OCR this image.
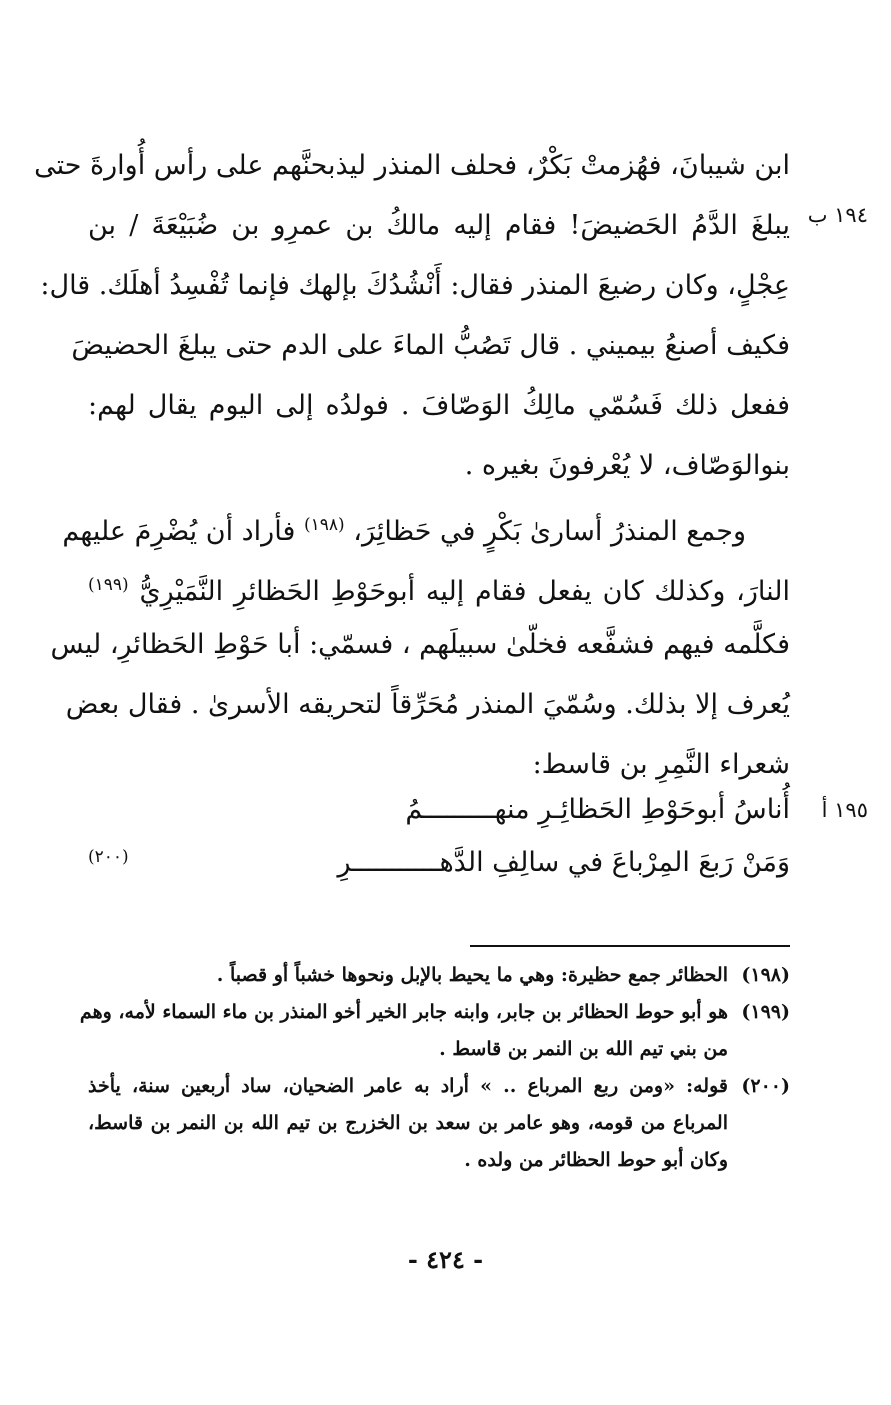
١٩٤ ب
١٩٥ أ
ابن شيبانَ، فهُزمتْ بَكْرٌ، فحلف المنذر ليذبحنَّهم على رأس أُوارةَ حتى
يبلغَ الدَّمُ الحَضيضَ! فقام إليه مالكُ بن عمرِو بن ضُبَيْعَةَ / بن
عِجْلٍ، وكان رضيعَ المنذر فقال: أَنْشُدُكَ بإلهك فإنما تُفْسِدُ أهلَك. قال:
فكيف أصنعُ بيميني . قال تَصُبُّ الماءَ على الدم حتى يبلغَ الحضيضَ
ففعل ذلك فَسُمّي مالِكُ الوَصّافَ . فولدُه إلى اليوم يقال لهم:
بنوالوَصّاف، لا يُعْرفونَ بغيره .
وجمع المنذرُ أسارىٰ بَكْرٍ في حَظائِرَ، $^{(١٩٨)}$ فأراد أن يُضْرِمَ عليهم
النارَ، وكذلك كان يفعل فقام إليه أبوحَوْطِ الحَظائرِ النَّمَيْرِيُّ $^{(١٩٩)}$
فكلَّمه فيهم فشفَّعه فخلّىٰ سبيلَهم ، فسمّي: أبا حَوْطِ الحَظائرِ، ليس
يُعرف إلا بذلك. وسُمّيَ المنذر مُحَرِّقاً لتحريقه الأسرىٰ . فقال بعض
شعراء النَّمِرِ بن قاسط:
أُناسُ أبوحَوْطِ الحَظائِـرِ منهـــــــــمُ
وَمَنْ رَبعَ المِرْباعَ في سالِفِ الدَّهـــــــــــرِ
(٢٠٠)
(١٩٨)
الحظائر جمع حظيرة: وهي ما يحيط بالإبل ونحوها خشباً أو قصباً .
(١٩٩)
هو أبو حوط الحظائر بن جابر، وابنه جابر الخير أخو المنذر بن ماء السماء لأمه، وهم
من بني تيم الله بن النمر بن قاسط .
(٢٠٠)
قوله: «ومن ربع المرباع .. » أراد به عامر الضحيان، ساد أربعين سنة، يأخذ
المرباع من قومه، وهو عامر بن سعد بن الخزرج بن تيم الله بن النمر بن قاسط،
وكان أبو حوط الحظائر من ولده .
- ٤٢٤ -
